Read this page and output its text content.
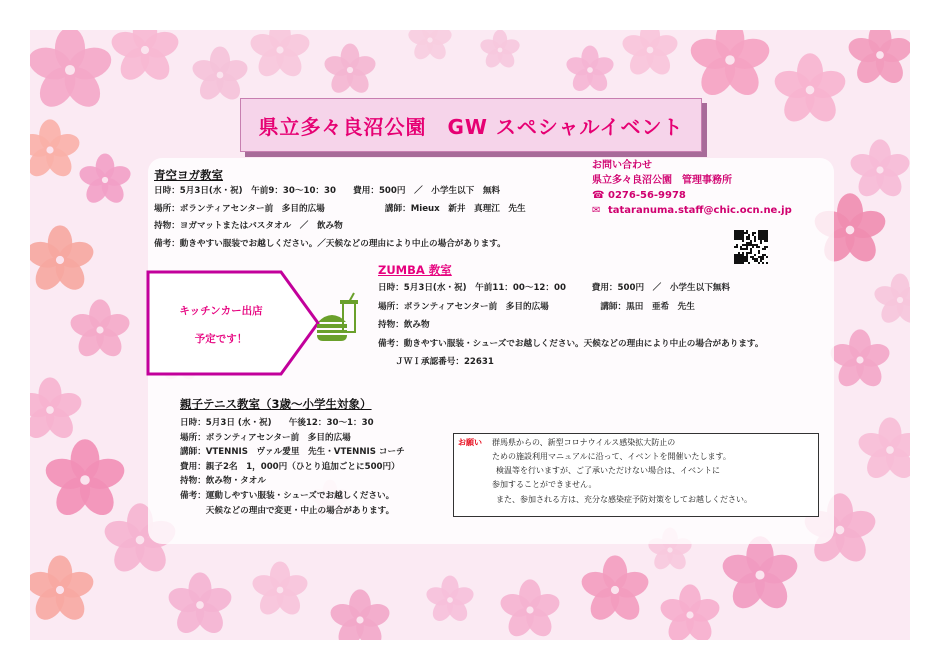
県立多々良沼公園　GW スペシャルイベント
青空ヨガ教室
日時：5月3日(水・祝)　午前9：30～10：30　　費用：500円　／　小学生以下　無料
場所：ボランティアセンター前　多目的広場　　　　　　　講師：Mieux　新井　真理江　先生
持物：ヨガマットまたはバスタオル　／　飲み物
備考：動きやすい服装でお越しください。／天候などの理由により中止の場合があります。
お問い合わせ
県立多々良沼公園　管理事務所
☎ 0276-56-9978
✉ tataranuma.staff@chic.ocn.ne.jp
キッチンカー出店
予定です！
ZUMBA 教室
日時：5月3日(水・祝)　午前11：00～12：00　　　費用：500円　／　小学生以下無料
場所：ボランティアセンター前　多目的広場　　　　　　講師：黒田　亜希　先生
持物：飲み物
備考：動きやすい服装・シューズでお越しください。天候などの理由により中止の場合があります。
　　ＪＷＩ承認番号：22631
親子テニス教室（3歳～小学生対象）
日時：5月3日 (水・祝)　　午後12：30～1：30
場所：ボランティアセンター前　多目的広場
講師：VTENNIS　ヴァル愛里　先生・VTENNIS コーチ
費用：親子2名　1，000円（ひとり追加ごとに500円）
持物：飲み物・タオル
備考：運動しやすい服装・シューズでお越しください。
　　　天候などの理由で変更・中止の場合があります。
お願い 群馬県からの、新型コロナウイルス感染拡大防止の
ための施設利用マニュアルに沿って、イベントを開催いたします。
検温等を行いますが、ご了承いただけない場合は、イベントに
参加することができません。
また、参加される方は、充分な感染症予防対策をしてお越しください。
